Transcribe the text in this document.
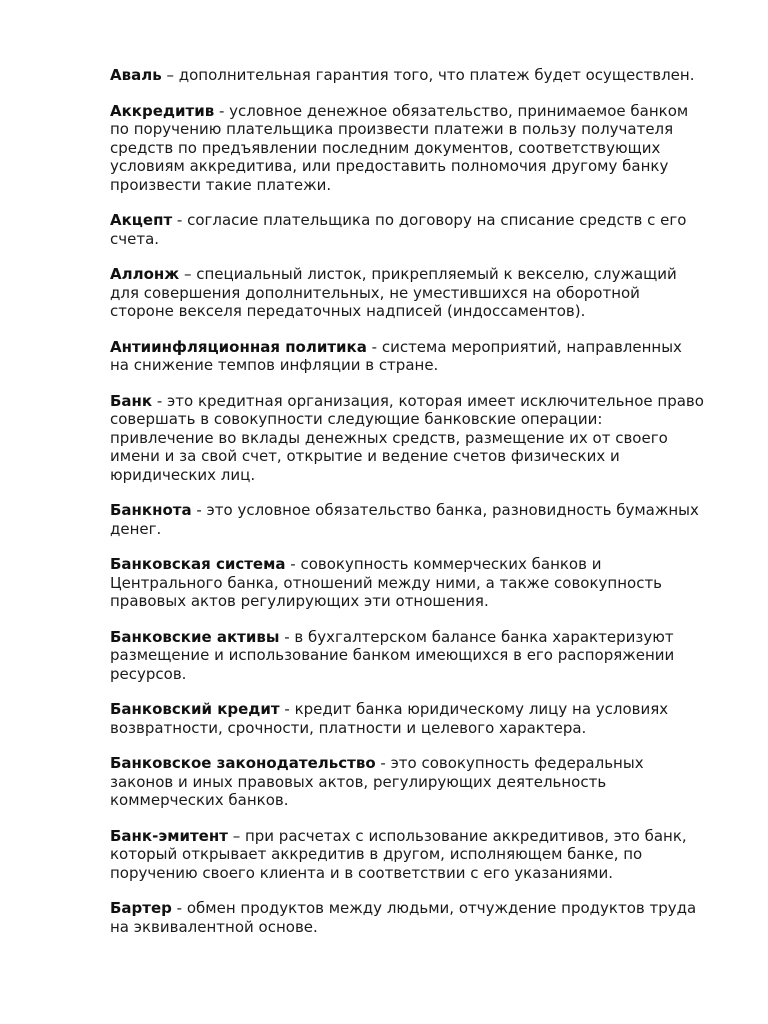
Аваль – дополнительная гарантия того, что платеж будет осуществлен.

Аккредитив - условное денежное обязательство, принимаемое банком
по поручению плательщика произвести платежи в пользу получателя
средств по предъявлении последним документов, соответствующих
условиям аккредитива, или предоставить полномочия другому банку
произвести такие платежи.

Акцепт - согласие плательщика по договору на списание средств с его
счета.

Аллонж – специальный листок, прикрепляемый к векселю, служащий
для совершения дополнительных, не уместившихся на оборотной
стороне векселя передаточных надписей (индоссаментов).

Антиинфляционная политика - система мероприятий, направленных
на снижение темпов инфляции в стране.

Банк - это кредитная организация, которая имеет исключительное право
совершать в совокупности следующие банковские операции:
привлечение во вклады денежных средств, размещение их от своего
имени и за свой счет, открытие и ведение счетов физических и
юридических лиц.

Банкнота - это условное обязательство банка, разновидность бумажных
денег.

Банковская система - совокупность коммерческих банков и
Центрального банка, отношений между ними, а также совокупность
правовых актов регулирующих эти отношения.

Банковские активы - в бухгалтерском балансе банка характеризуют
размещение и использование банком имеющихся в его распоряжении
ресурсов.

Банковский кредит - кредит банка юридическому лицу на условиях
возвратности, срочности, платности и целевого характера.

Банковское законодательство - это совокупность федеральных
законов и иных правовых актов, регулирующих деятельность
коммерческих банков.

Банк-эмитент – при расчетах с использование аккредитивов, это банк,
который открывает аккредитив в другом, исполняющем банке, по
поручению своего клиента и в соответствии с его указаниями.

Бартер - обмен продуктов между людьми, отчуждение продуктов труда
на эквивалентной основе.
